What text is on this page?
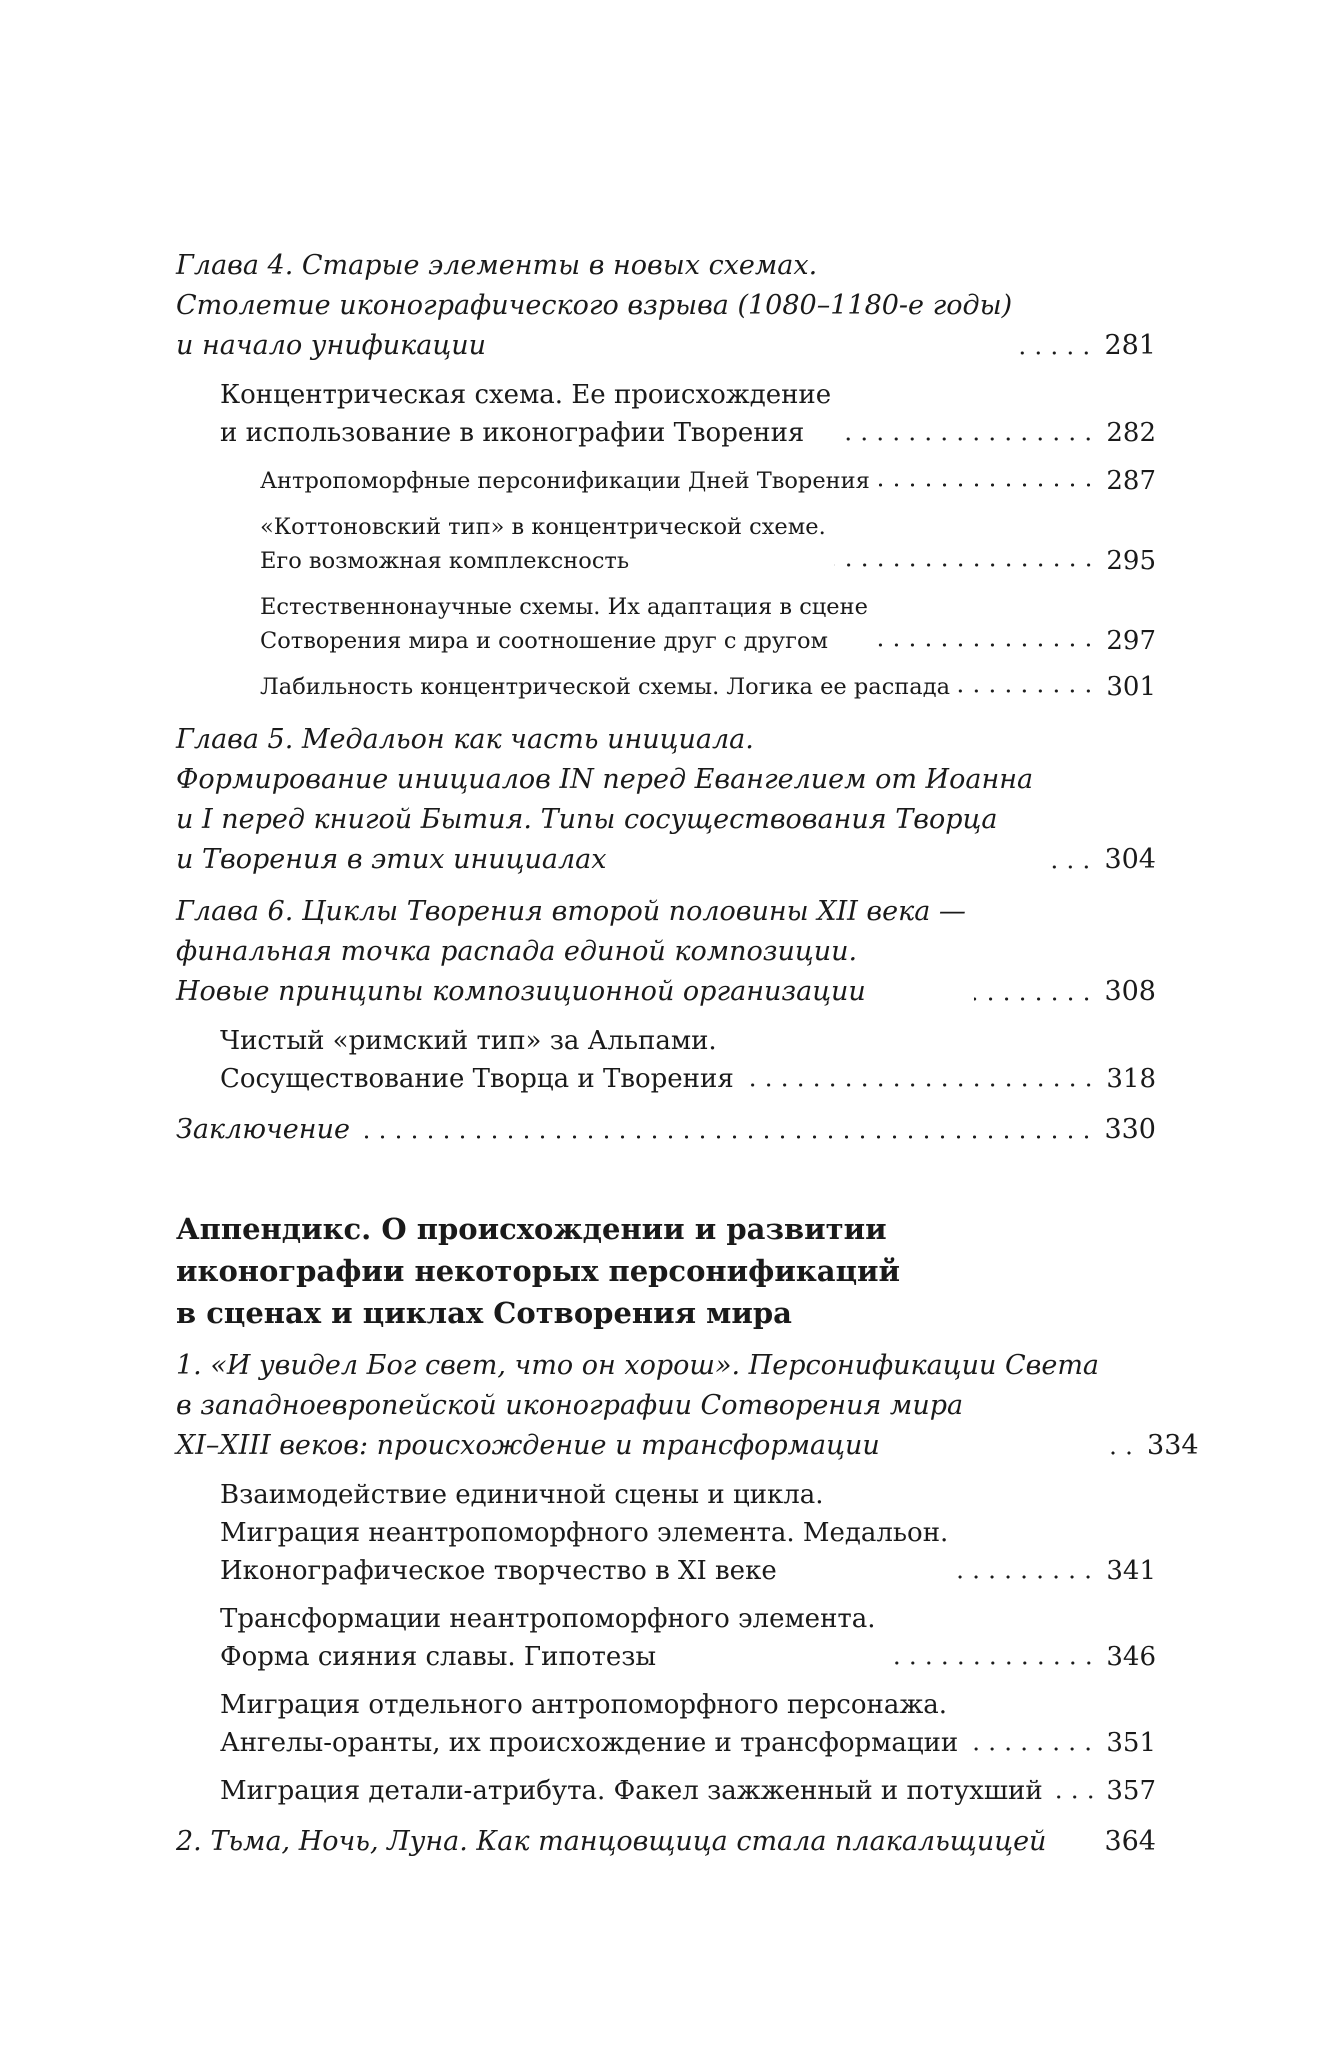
Глава 4. Старые элементы в новых схемах.
Столетие иконографического взрыва (1080–1180-е годы)
и начало унификации	281
Концентрическая схема. Ее происхождение
и использование в иконографии Творения	282
Антропоморфные персонификации Дней Творения	287
«Коттоновский тип» в концентрической схеме.
Его возможная комплексность	295
Естественнонаучные схемы. Их адаптация в сцене
Сотворения мира и соотношение друг с другом	297
Лабильность концентрической схемы. Логика ее распада	301
Глава 5. Медальон как часть инициала.
Формирование инициалов IN перед Евангелием от Иоанна
и I перед книгой Бытия. Типы сосуществования Творца
и Творения в этих инициалах	304
Глава 6. Циклы Творения второй половины XII века —
финальная точка распада единой композиции.
Новые принципы композиционной организации	308
Чистый «римский тип» за Альпами.
Сосуществование Творца и Творения	318
Заключение	330
Аппендикс. О происхождении и развитии
иконографии некоторых персонификаций
в сценах и циклах Сотворения мира
1. «И увидел Бог свет, что он хорош». Персонификации Света
в западноевропейской иконографии Сотворения мира
XI–XIII веков: происхождение и трансформации	334
Взаимодействие единичной сцены и цикла.
Миграция неантропоморфного элемента. Медальон.
Иконографическое творчество в XI веке	341
Трансформации неантропоморфного элемента.
Форма сияния славы. Гипотезы	346
Миграция отдельного антропоморфного персонажа.
Ангелы-оранты, их происхождение и трансформации	351
Миграция детали-атрибута. Факел зажженный и потухший 357
2. Тьма, Ночь, Луна. Как танцовщица стала плакальщицей	364
